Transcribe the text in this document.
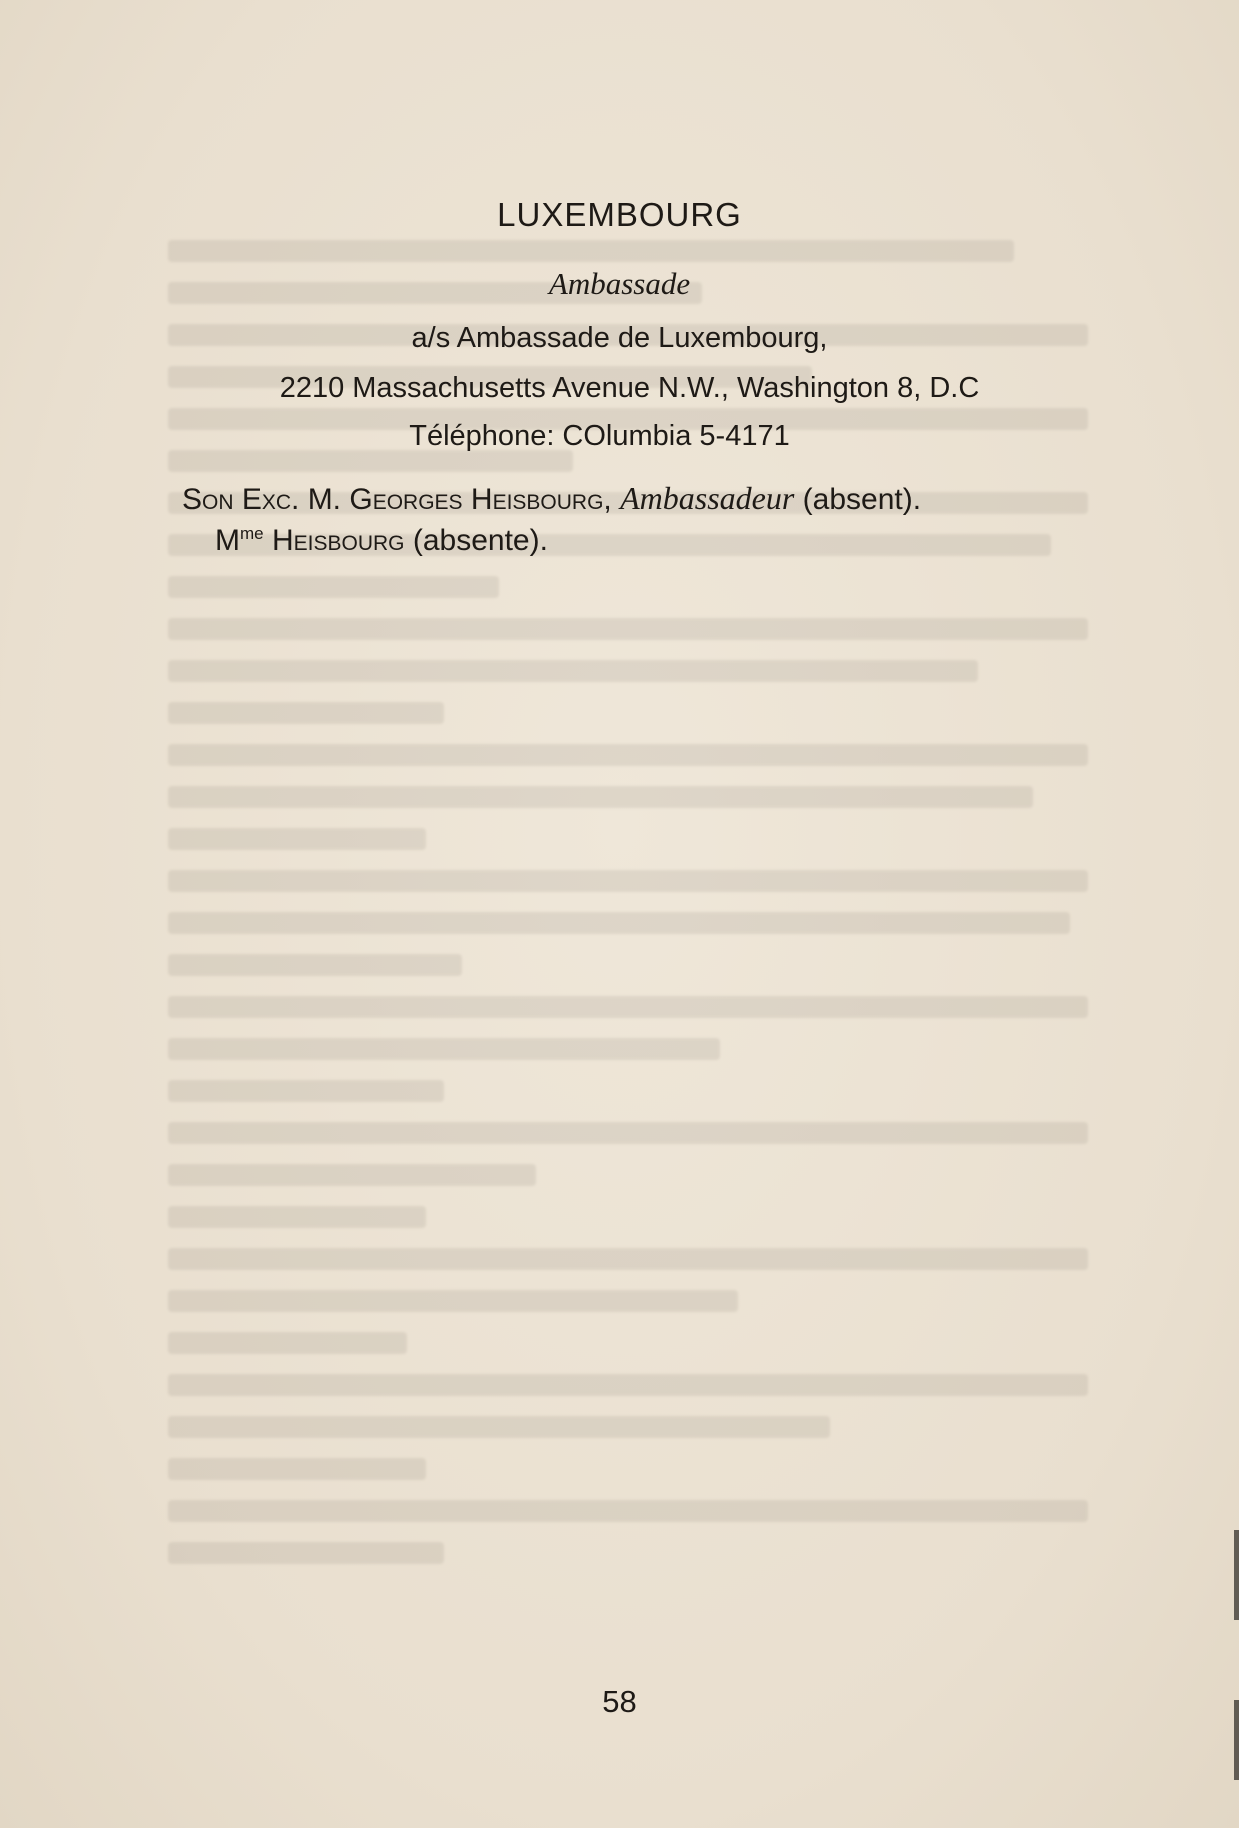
LUXEMBOURG
Ambassade
a/s Ambassade de Luxembourg,
2210 Massachusetts Avenue N.W., Washington 8, D.C
Téléphone: COlumbia 5-4171
Son Exc. M. Georges Heisbourg, Ambassadeur (absent).
$M^{me}$ Heisbourg (absente).
58
